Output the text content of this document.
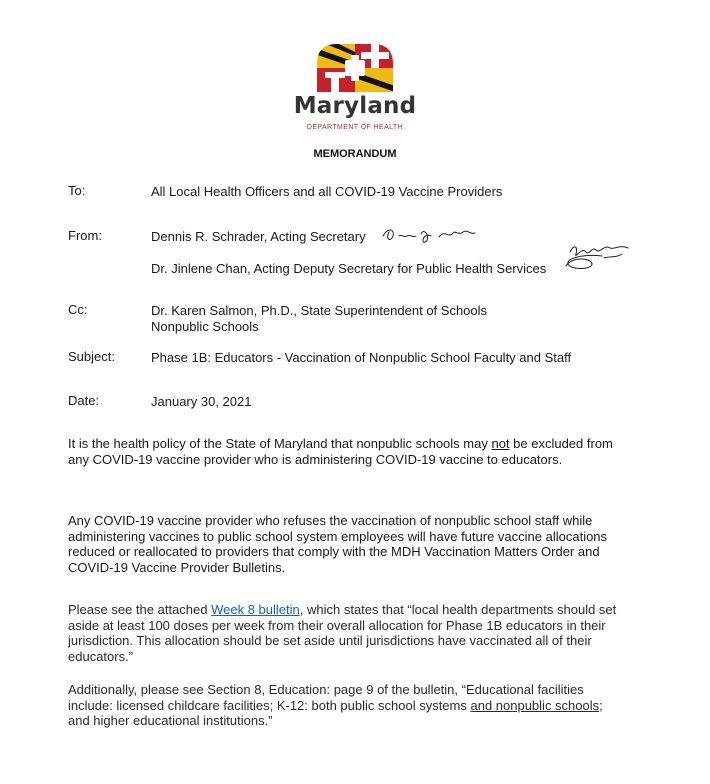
Maryland
DEPARTMENT OF HEALTH
MEMORANDUM
To:	All Local Health Officers and all COVID-19 Vaccine Providers
From:	Dennis R. Schrader, Acting Secretary
Dr. Jinlene Chan, Acting Deputy Secretary for Public Health Services
Cc:	Dr. Karen Salmon, Ph.D., State Superintendent of Schools
Nonpublic Schools
Subject:	Phase 1B: Educators - Vaccination of Nonpublic School Faculty and Staff
Date:	January 30, 2021
It is the health policy of the State of Maryland that nonpublic schools may not be excluded from any COVID-19 vaccine provider who is administering COVID-19 vaccine to educators.
Any COVID-19 vaccine provider who refuses the vaccination of nonpublic school staff while administering vaccines to public school system employees will have future vaccine allocations reduced or reallocated to providers that comply with the MDH Vaccination Matters Order and COVID-19 Vaccine Provider Bulletins.
Please see the attached Week 8 bulletin, which states that “local health departments should set aside at least 100 doses per week from their overall allocation for Phase 1B educators in their jurisdiction. This allocation should be set aside until jurisdictions have vaccinated all of their educators.”
Additionally, please see Section 8, Education: page 9 of the bulletin, “Educational facilities include: licensed childcare facilities; K-12: both public school systems and nonpublic schools; and higher educational institutions.”
